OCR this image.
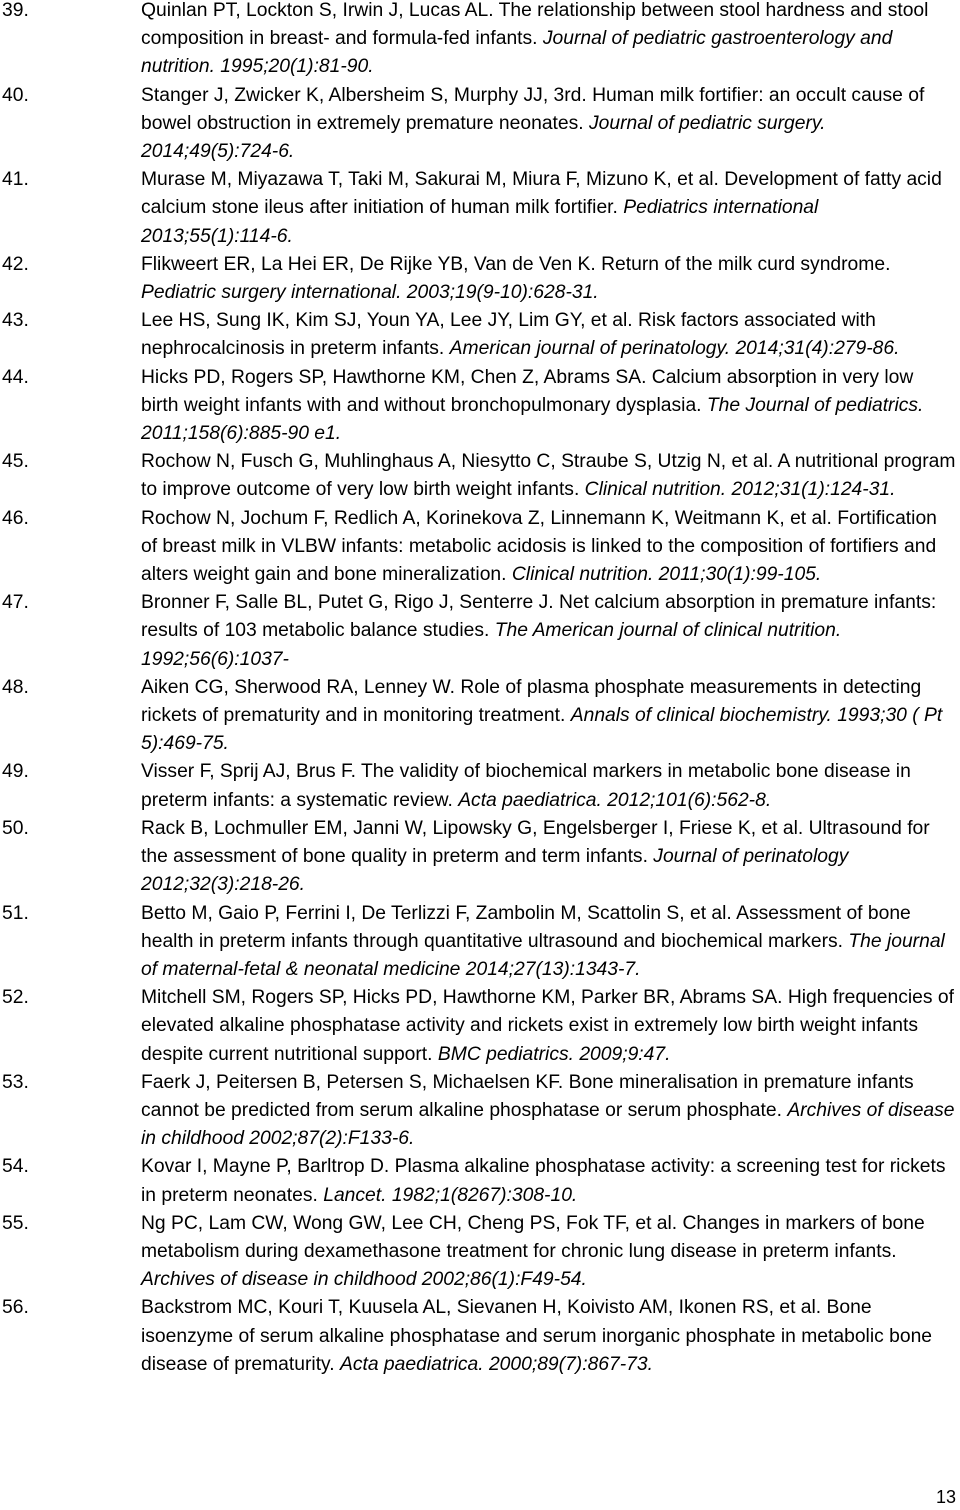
39.	Quinlan PT, Lockton S, Irwin J, Lucas AL. The relationship between stool hardness and stool composition in breast- and formula-fed infants. Journal of pediatric gastroenterology and nutrition. 1995;20(1):81-90.
40.	Stanger J, Zwicker K, Albersheim S, Murphy JJ, 3rd. Human milk fortifier: an occult cause of bowel obstruction in extremely premature neonates. Journal of pediatric surgery. 2014;49(5):724-6.
41.	Murase M, Miyazawa T, Taki M, Sakurai M, Miura F, Mizuno K, et al. Development of fatty acid calcium stone ileus after initiation of human milk fortifier. Pediatrics international 2013;55(1):114-6.
42.	Flikweert ER, La Hei ER, De Rijke YB, Van de Ven K. Return of the milk curd syndrome. Pediatric surgery international. 2003;19(9-10):628-31.
43.	Lee HS, Sung IK, Kim SJ, Youn YA, Lee JY, Lim GY, et al. Risk factors associated with nephrocalcinosis in preterm infants. American journal of perinatology. 2014;31(4):279-86.
44.	Hicks PD, Rogers SP, Hawthorne KM, Chen Z, Abrams SA. Calcium absorption in very low birth weight infants with and without bronchopulmonary dysplasia. The Journal of pediatrics. 2011;158(6):885-90 e1.
45.	Rochow N, Fusch G, Muhlinghaus A, Niesytto C, Straube S, Utzig N, et al. A nutritional program to improve outcome of very low birth weight infants. Clinical nutrition. 2012;31(1):124-31.
46.	Rochow N, Jochum F, Redlich A, Korinekova Z, Linnemann K, Weitmann K, et al. Fortification of breast milk in VLBW infants: metabolic acidosis is linked to the composition of fortifiers and alters weight gain and bone mineralization. Clinical nutrition. 2011;30(1):99-105.
47.	Bronner F, Salle BL, Putet G, Rigo J, Senterre J. Net calcium absorption in premature infants: results of 103 metabolic balance studies. The American journal of clinical nutrition. 1992;56(6):1037-
48.	Aiken CG, Sherwood RA, Lenney W. Role of plasma phosphate measurements in detecting rickets of prematurity and in monitoring treatment. Annals of clinical biochemistry. 1993;30 ( Pt 5):469-75.
49.	Visser F, Sprij AJ, Brus F. The validity of biochemical markers in metabolic bone disease in preterm infants: a systematic review. Acta paediatrica. 2012;101(6):562-8.
50.	Rack B, Lochmuller EM, Janni W, Lipowsky G, Engelsberger I, Friese K, et al. Ultrasound for the assessment of bone quality in preterm and term infants. Journal of perinatology 2012;32(3):218-26.
51.	Betto M, Gaio P, Ferrini I, De Terlizzi F, Zambolin M, Scattolin S, et al. Assessment of bone health in preterm infants through quantitative ultrasound and biochemical markers. The journal of maternal-fetal & neonatal medicine 2014;27(13):1343-7.
52.	Mitchell SM, Rogers SP, Hicks PD, Hawthorne KM, Parker BR, Abrams SA. High frequencies of elevated alkaline phosphatase activity and rickets exist in extremely low birth weight infants despite current nutritional support. BMC pediatrics. 2009;9:47.
53.	Faerk J, Peitersen B, Petersen S, Michaelsen KF. Bone mineralisation in premature infants cannot be predicted from serum alkaline phosphatase or serum phosphate. Archives of disease in childhood 2002;87(2):F133-6.
54.	Kovar I, Mayne P, Barltrop D. Plasma alkaline phosphatase activity: a screening test for rickets in preterm neonates. Lancet. 1982;1(8267):308-10.
55.	Ng PC, Lam CW, Wong GW, Lee CH, Cheng PS, Fok TF, et al. Changes in markers of bone metabolism during dexamethasone treatment for chronic lung disease in preterm infants. Archives of disease in childhood 2002;86(1):F49-54.
56.	Backstrom MC, Kouri T, Kuusela AL, Sievanen H, Koivisto AM, Ikonen RS, et al. Bone isoenzyme of serum alkaline phosphatase and serum inorganic phosphate in metabolic bone disease of prematurity. Acta paediatrica. 2000;89(7):867-73.
13
